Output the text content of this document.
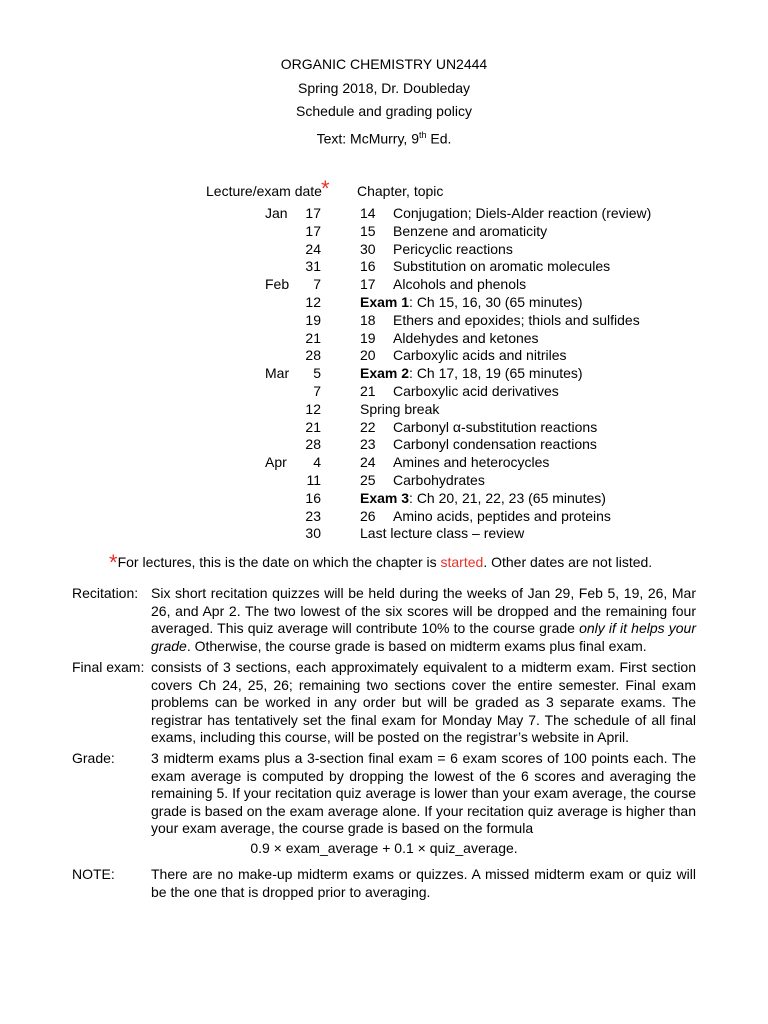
ORGANIC CHEMISTRY UN2444
Spring 2018, Dr. Doubleday
Schedule and grading policy
Text: McMurry, 9th Ed.
Lecture/exam date * Chapter, topic
Jan	17	14 Conjugation; Diels-Alder reaction (review)
17	15 Benzene and aromaticity
24	30 Pericyclic reactions
31	16 Substitution on aromatic molecules
Feb	7	17 Alcohols and phenols
12	Exam 1: Ch 15, 16, 30 (65 minutes)
19	18 Ethers and epoxides; thiols and sulfides
21	19 Aldehydes and ketones
28	20 Carboxylic acids and nitriles
Mar	5	Exam 2: Ch 17, 18, 19 (65 minutes)
7	21 Carboxylic acid derivatives
12	Spring break
21	22 Carbonyl α-substitution reactions
28	23 Carbonyl condensation reactions
Apr	4	24 Amines and heterocycles
11	25 Carbohydrates
16	Exam 3: Ch 20, 21, 22, 23 (65 minutes)
23	26 Amino acids, peptides and proteins
30	Last lecture class – review
*For lectures, this is the date on which the chapter is started. Other dates are not listed.
Recitation: Six short recitation quizzes will be held during the weeks of Jan 29, Feb 5, 19, 26, Mar 26, and Apr 2. The two lowest of the six scores will be dropped and the remaining four averaged. This quiz average will contribute 10% to the course grade only if it helps your grade. Otherwise, the course grade is based on midterm exams plus final exam.
Final exam: consists of 3 sections, each approximately equivalent to a midterm exam. First section covers Ch 24, 25, 26; remaining two sections cover the entire semester. Final exam problems can be worked in any order but will be graded as 3 separate exams. The registrar has tentatively set the final exam for Monday May 7. The schedule of all final exams, including this course, will be posted on the registrar’s website in April.
Grade:	3 midterm exams plus a 3-section final exam = 6 exam scores of 100 points each. The exam average is computed by dropping the lowest of the 6 scores and averaging the remaining 5. If your recitation quiz average is lower than your exam average, the course grade is based on the exam average alone. If your recitation quiz average is higher than your exam average, the course grade is based on the formula
0.9 × exam_average + 0.1 × quiz_average.
NOTE:	There are no make-up midterm exams or quizzes. A missed midterm exam or quiz will be the one that is dropped prior to averaging.
